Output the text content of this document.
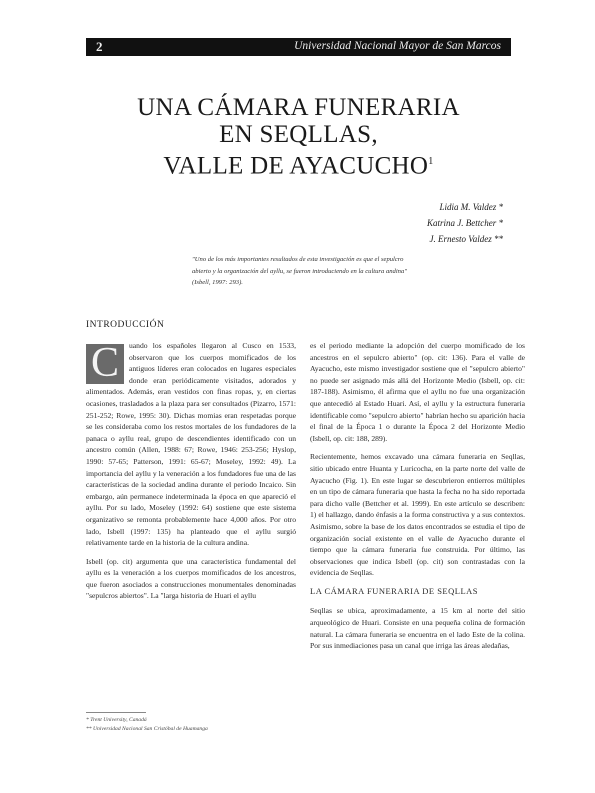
2	Universidad Nacional Mayor de San Marcos
UNA CÁMARA FUNERARIA
EN SEQLLAS,
VALLE DE AYACUCHO$^1$
Lidia M. Valdez *
Katrina J. Bettcher *
J. Ernesto Valdez **
"Uno de los más importantes resultados de esta investigación es que el sepulcro abierto y la organización del ayllu, se fueron introduciendo en la cultura andina" (Isbell, 1997: 293).
INTRODUCCIÓN

C	uando los españoles llegaron al Cusco en 1533, observaron que los cuerpos momificados de los antiguos líderes eran colocados en lugares especiales donde eran periódicamente visitados, adorados y alimentados. Además, eran vestidos con finas ropas, y, en ciertas ocasiones, trasladados a la plaza para ser consultados (Pizarro, 1571: 251-252; Rowe, 1995: 30). Dichas momias eran respetadas porque se les consideraba como los restos mortales de los fundadores de la panaca o ayllu real, grupo de descendientes identificado con un ancestro común (Allen, 1988: 67; Rowe, 1946: 253-256; Hyslop, 1990: 57-65; Patterson, 1991: 65-67; Moseley, 1992: 49). La importancia del ayllu y la veneración a los fundadores fue una de las características de la sociedad andina durante el periodo Incaico. Sin embargo, aún permanece indeterminada la época en que apareció el ayllu. Por su lado, Moseley (1992: 64) sostiene que este sistema organizativo se remonta probablemente hace 4,000 años. Por otro lado, Isbell (1997: 135) ha planteado que el ayllu surgió relativamente tarde en la historia de la cultura andina.

Isbell (op. cit) argumenta que una característica fundamental del ayllu es la veneración a los cuerpos momificados de los ancestros, que fueron asociados a construcciones monumentales denominadas "sepulcros abiertos". La "larga historia de Huari el ayllu

es el periodo mediante la adopción del cuerpo momificado de los ancestros en el sepulcro abierto" (op. cit: 136). Para el valle de Ayacucho, este mismo investigador sostiene que el "sepulcro abierto" no puede ser asignado más allá del Horizonte Medio (Isbell, op. cit: 187-188). Asimismo, él afirma que el ayllu no fue una organización que antecedió al Estado Huari. Así, el ayllu y la estructura funeraria identificable como "sepulcro abierto" habrían hecho su aparición hacia el final de la Época 1 o durante la Época 2 del Horizonte Medio (Isbell, op. cit: 188, 289).

Recientemente, hemos excavado una cámara funeraria en Seqllas, sitio ubicado entre Huanta y Luricocha, en la parte norte del valle de Ayacucho (Fig. 1). En este lugar se descubrieron entierros múltiples en un tipo de cámara funeraria que hasta la fecha no ha sido reportada para dicho valle (Bettcher et al. 1999). En este artículo se describen: 1) el hallazgo, dando énfasis a la forma constructiva y a sus contextos. Asimismo, sobre la base de los datos encontrados se estudia el tipo de organización social existente en el valle de Ayacucho durante el tiempo que la cámara funeraria fue construida. Por último, las observaciones que indica Isbell (op. cit) son contrastadas con la evidencia de Seqllas.

LA CÁMARA FUNERARIA DE SEQLLAS

Seqllas se ubica, aproximadamente, a 15 km al norte del sitio arqueológico de Huari. Consiste en una pequeña colina de formación natural. La cámara funeraria se encuentra en el lado Este de la colina. Por sus inmediaciones pasa un canal que irriga las áreas aledañas,

* Trent University, Canadá
** Universidad Nacional San Cristóbal de Huamanga
